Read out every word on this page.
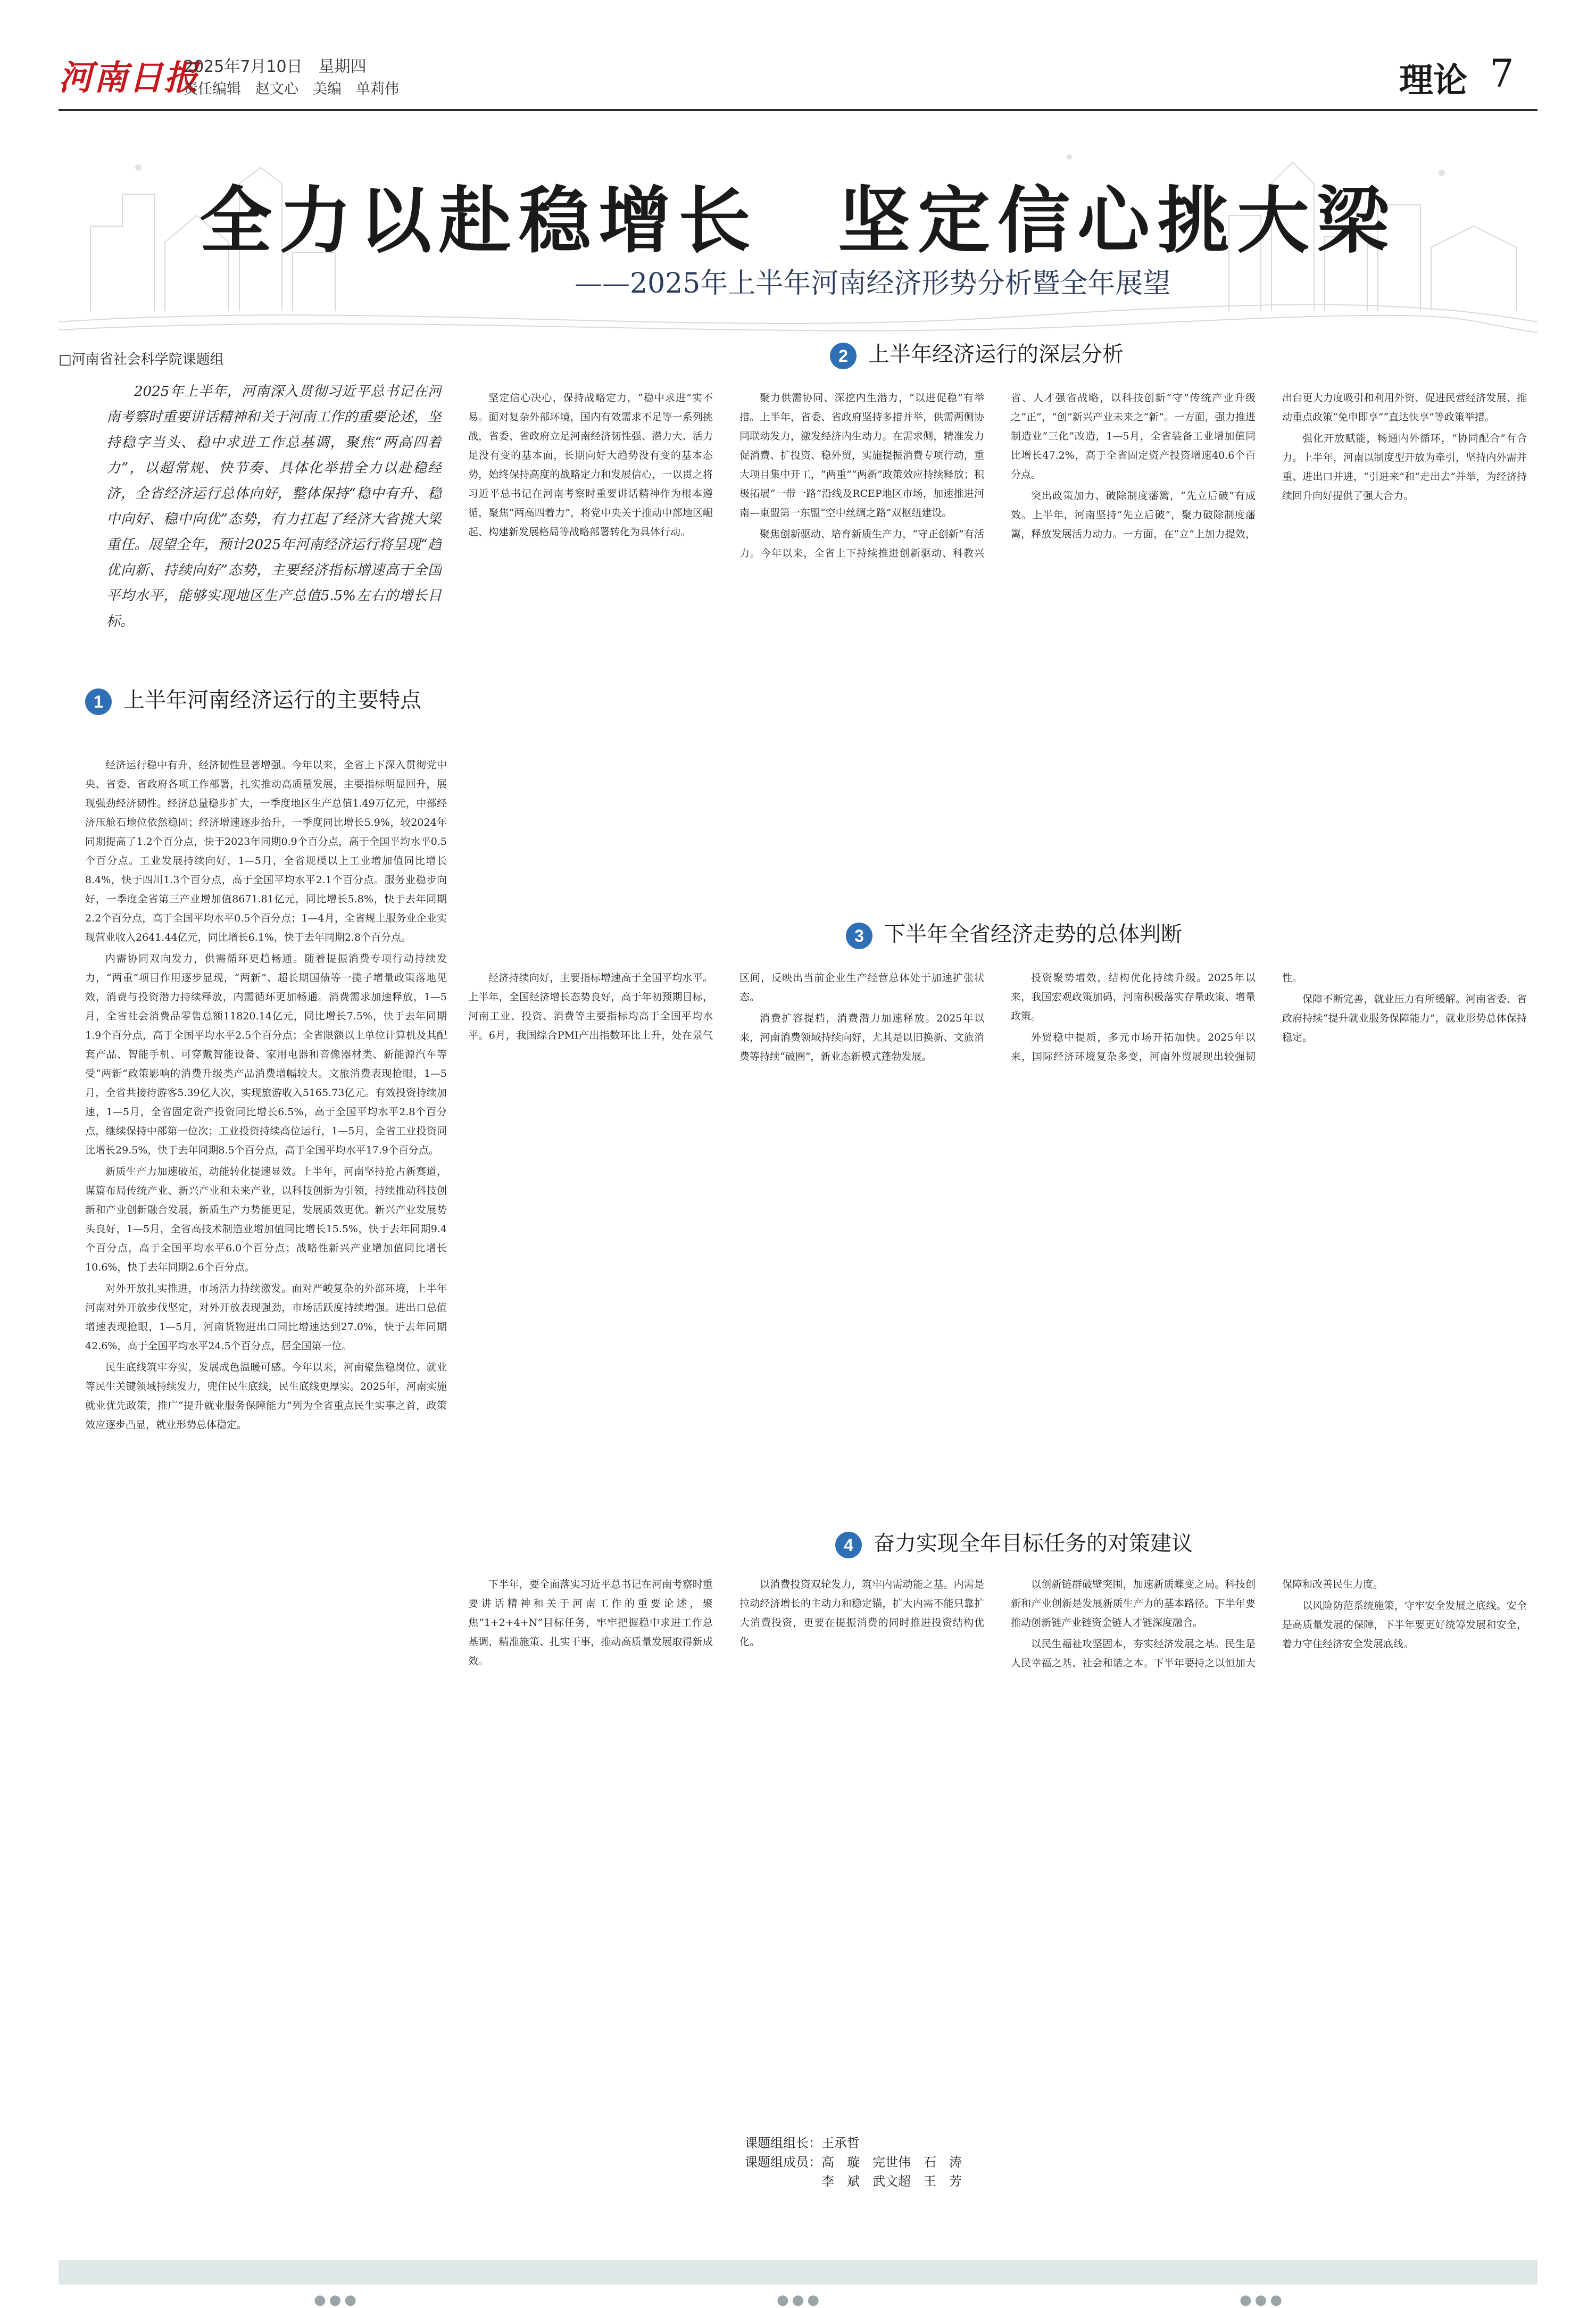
河南日报
2025年7月10日　星期四
责任编辑　赵文心　美编　单莉伟	理论 7
全力以赴稳增长　坚定信心挑大梁
——2025年上半年河南经济形势分析暨全年展望
□河南省社会科学院课题组

2025年上半年，河南深入贯彻习近平总书记在河南考察时重要讲话精神和关于河南工作的重要论述，坚持稳字当头、稳中求进工作总基调，聚焦“两高四着力”，以超常规、快节奏、具体化举措全力以赴稳经济，全省经济运行总体向好，整体保持“稳中有升、稳中向好、稳中向优”态势，有力扛起了经济大省挑大梁重任。展望全年，预计2025年河南经济运行将呈现“趋优向新、持续向好”态势，主要经济指标增速高于全国平均水平，能够实现地区生产总值5.5%左右的增长目标。

1 上半年河南经济运行的主要特点

经济运行稳中有升，经济韧性显著增强。今年以来，全省上下深入贯彻党中央、省委、省政府各项工作部署，扎实推动高质量发展，主要指标明显回升，展现强劲经济韧性。经济总量稳步扩大，一季度地区生产总值1.49万亿元，中部经济压舱石地位依然稳固；经济增速逐步抬升，一季度同比增长5.9%，较2024年同期提高了1.2个百分点，快于2023年同期0.9个百分点，高于全国平均水平0.5个百分点。工业发展持续向好，1—5月，全省规模以上工业增加值同比增长8.4%，快于四川1.3个百分点，高于全国平均水平2.1个百分点。服务业稳步向好，一季度全省第三产业增加值8671.81亿元，同比增长5.8%，快于去年同期2.2个百分点，高于全国平均水平0.5个百分点；1—4月，全省规上服务业企业实现营业收入2641.44亿元，同比增长6.1%，快于去年同期2.8个百分点。

内需协同双向发力，供需循环更趋畅通。随着提振消费专项行动持续发力，“两重”项目作用逐步显现，“两新”、超长期国债等一揽子增量政策落地见效，消费与投资潜力持续释放，内需循环更加畅通。消费需求加速释放，1—5月，全省社会消费品零售总额11820.14亿元，同比增长7.5%，快于去年同期1.9个百分点，高于全国平均水平2.5个百分点；全省限额以上单位计算机及其配套产品、智能手机、可穿戴智能设备、家用电器和音像器材类、新能源汽车等受“两新”政策影响的消费升级类产品消费增幅较大。文旅消费表现抢眼，1—5月，全省共接待游客5.39亿人次，实现旅游收入5165.73亿元。有效投资持续加速，1—5月，全省固定资产投资同比增长6.5%，高于全国平均水平2.8个百分点，继续保持中部第一位次；工业投资持续高位运行，1—5月，全省工业投资同比增长29.5%，快于去年同期8.5个百分点，高于全国平均水平17.9个百分点。

新质生产力加速破茧，动能转化提速显效。上半年，河南坚持抢占新赛道，谋篇布局传统产业、新兴产业和未来产业，以科技创新为引领，持续推动科技创新和产业创新融合发展，新质生产力势能更足，发展质效更优。新兴产业发展势头良好，1—5月，全省高技术制造业增加值同比增长15.5%，快于去年同期9.4个百分点，高于全国平均水平6.0个百分点；战略性新兴产业增加值同比增长10.6%，快于去年同期2.6个百分点。

对外开放扎实推进，市场活力持续激发。面对严峻复杂的外部环境，上半年河南对外开放步伐坚定，对外开放表现强劲，市场活跃度持续增强。进出口总值增速表现抢眼，1—5月，河南货物进出口同比增速达到27.0%，快于去年同期42.6%，高于全国平均水平24.5个百分点，居全国第一位。

民生底线筑牢夯实，发展成色温暖可感。今年以来，河南聚焦稳岗位、就业等民生关键领域持续发力，兜住民生底线，民生底线更厚实。2025年，河南实施就业优先政策，推广“提升就业服务保障能力”列为全省重点民生实事之首，政策效应逐步凸显，就业形势总体稳定。

2 上半年经济运行的深层分析

坚定信心决心，保持战略定力，“稳中求进”实不易。面对复杂外部环境，国内有效需求不足等一系列挑战，省委、省政府立足河南经济韧性强、潜力大、活力足没有变的基本面，长期向好大趋势没有变的基本态势，始终保持高度的战略定力和发展信心，一以贯之将习近平总书记在河南考察时重要讲话精神作为根本遵循，聚焦“两高四着力”，将党中央关于推动中部地区崛起、构建新发展格局等战略部署转化为具体行动。

聚力供需协同、深挖内生潜力，“以进促稳”有举措。上半年，省委、省政府坚持多措并举，供需两侧协同联动发力，激发经济内生动力。在需求侧，精准发力促消费、扩投资、稳外贸，实施提振消费专项行动，重大项目集中开工，“两重”“两新”政策效应持续释放；积极拓展“一带一路”沿线及RCEP地区市场，加速推进河南—東盟第一东盟“空中丝绸之路”双枢纽建设。

聚焦创新驱动、培育新质生产力，“守正创新”有活力。今年以来，全省上下持续推进创新驱动、科教兴省、人才强省战略，以科技创新“守”传统产业升级之“正”，“创”新兴产业未来之“新”。一方面，强力推进制造业“三化”改造，1—5月，全省装备工业增加值同比增长47.2%，高于全省固定资产投资增速40.6个百分点。

突出政策加力、破除制度藩篱，“先立后破”有成效。上半年，河南坚持“先立后破”，聚力破除制度藩篱，释放发展活力动力。一方面，在“立”上加力提效，出台更大力度吸引和利用外资、促进民营经济发展、推动重点政策“免申即享”“直达快享”等政策举措。

强化开放赋能，畅通内外循环，“协同配合”有合力。上半年，河南以制度型开放为牵引，坚持内外需并重、进出口并进，“引进来”和“走出去”并举，为经济持续回升向好提供了强大合力。

3 下半年全省经济走势的总体判断

经济持续向好，主要指标增速高于全国平均水平。上半年，全国经济增长态势良好，高于年初预期目标，河南工业、投资、消费等主要指标均高于全国平均水平。6月，我国综合PMI产出指数环比上升，处在景气区间，反映出当前企业生产经营总体处于加速扩张状态。

消费扩容提档，消费潜力加速释放。2025年以来，河南消费领域持续向好，尤其是以旧换新、文旅消费等持续“破圈”，新业态新模式蓬勃发展。

投资聚势增效，结构优化持续升级。2025年以来，我国宏观政策加码，河南积极落实存量政策、增量政策。

外贸稳中提质，多元市场开拓加快。2025年以来，国际经济环境复杂多变，河南外贸展现出较强韧性。

保障不断完善，就业压力有所缓解。河南省委、省政府持续“提升就业服务保障能力”，就业形势总体保持稳定。

4 奋力实现全年目标任务的对策建议

下半年，要全面落实习近平总书记在河南考察时重要讲话精神和关于河南工作的重要论述，聚焦“1+2+4+N”目标任务，牢牢把握稳中求进工作总基调，精准施策、扎实干事，推动高质量发展取得新成效。

以消费投资双轮发力，筑牢内需动能之基。内需是拉动经济增长的主动力和稳定锚，扩大内需不能只靠扩大消费投资，更要在提振消费的同时推进投资结构优化。

以创新链群破壁突围，加速新质蝶变之局。科技创新和产业创新是发展新质生产力的基本路径。下半年要推动创新链产业链资金链人才链深度融合。

以民生福祉攻坚固本，夯实经济发展之基。民生是人民幸福之基、社会和谐之本。下半年要持之以恒加大保障和改善民生力度。

以风险防范系统施策，守牢安全发展之底线。安全是高质量发展的保障，下半年要更好统筹发展和安全，着力守住经济安全发展底线。

课题组组长：王承哲
课题组成员：高　璇　完世伟　石　涛
李　斌　武文超　王　芳
●●●	●●●	●●●
